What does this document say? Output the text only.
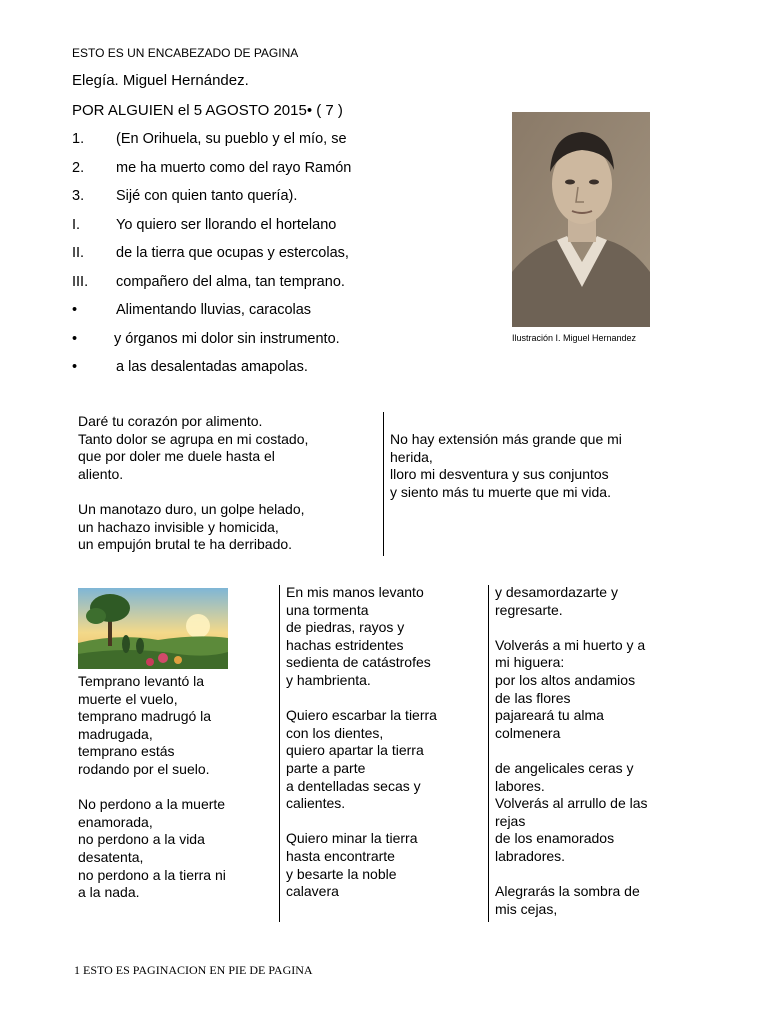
ESTO ES UN ENCABEZADO DE PAGINA
Elegía. Miguel Hernández.
POR ALGUIEN el 5 AGOSTO 2015• ( 7 )
1. (En Orihuela, su pueblo y el mío, se
2. me ha muerto como del rayo Ramón
3. Sijé con quien tanto quería).
I. Yo quiero ser llorando el hortelano
II. de la tierra que ocupas y estercolas,
III. compañero del alma, tan temprano.
•	Alimentando lluvias, caracolas
•	y órganos mi dolor sin instrumento.
•	a las desalentadas amapolas.
Ilustración I. Miguel Hernandez
Daré tu corazón por alimento.
Tanto dolor se agrupa en mi costado,
que por doler me duele hasta el
aliento.

Un manotazo duro, un golpe helado,
un hachazo invisible y homicida,
un empujón brutal te ha derribado.
No hay extensión más grande que mi
herida,
lloro mi desventura y sus conjuntos
y siento más tu muerte que mi vida.
Temprano levantó la
muerte el vuelo,
temprano madrugó la
madrugada,
temprano estás
rodando por el suelo.

No perdono a la muerte
enamorada,
no perdono a la vida
desatenta,
no perdono a la tierra ni
a la nada.
En mis manos levanto
una tormenta
de piedras, rayos y
hachas estridentes
sedienta de catástrofes
y hambrienta.

Quiero escarbar la tierra
con los dientes,
quiero apartar la tierra
parte a parte
a dentelladas secas y
calientes.

Quiero minar la tierra
hasta encontrarte
y besarte la noble
calavera
y desamordazarte y
regresarte.

Volverás a mi huerto y a
mi higuera:
por los altos andamios
de las flores
pajareará tu alma
colmenera

de angelicales ceras y
labores.
Volverás al arrullo de las
rejas
de los enamorados
labradores.

Alegrarás la sombra de
mis cejas,
1 ESTO ES PAGINACION EN PIE DE PAGINA
